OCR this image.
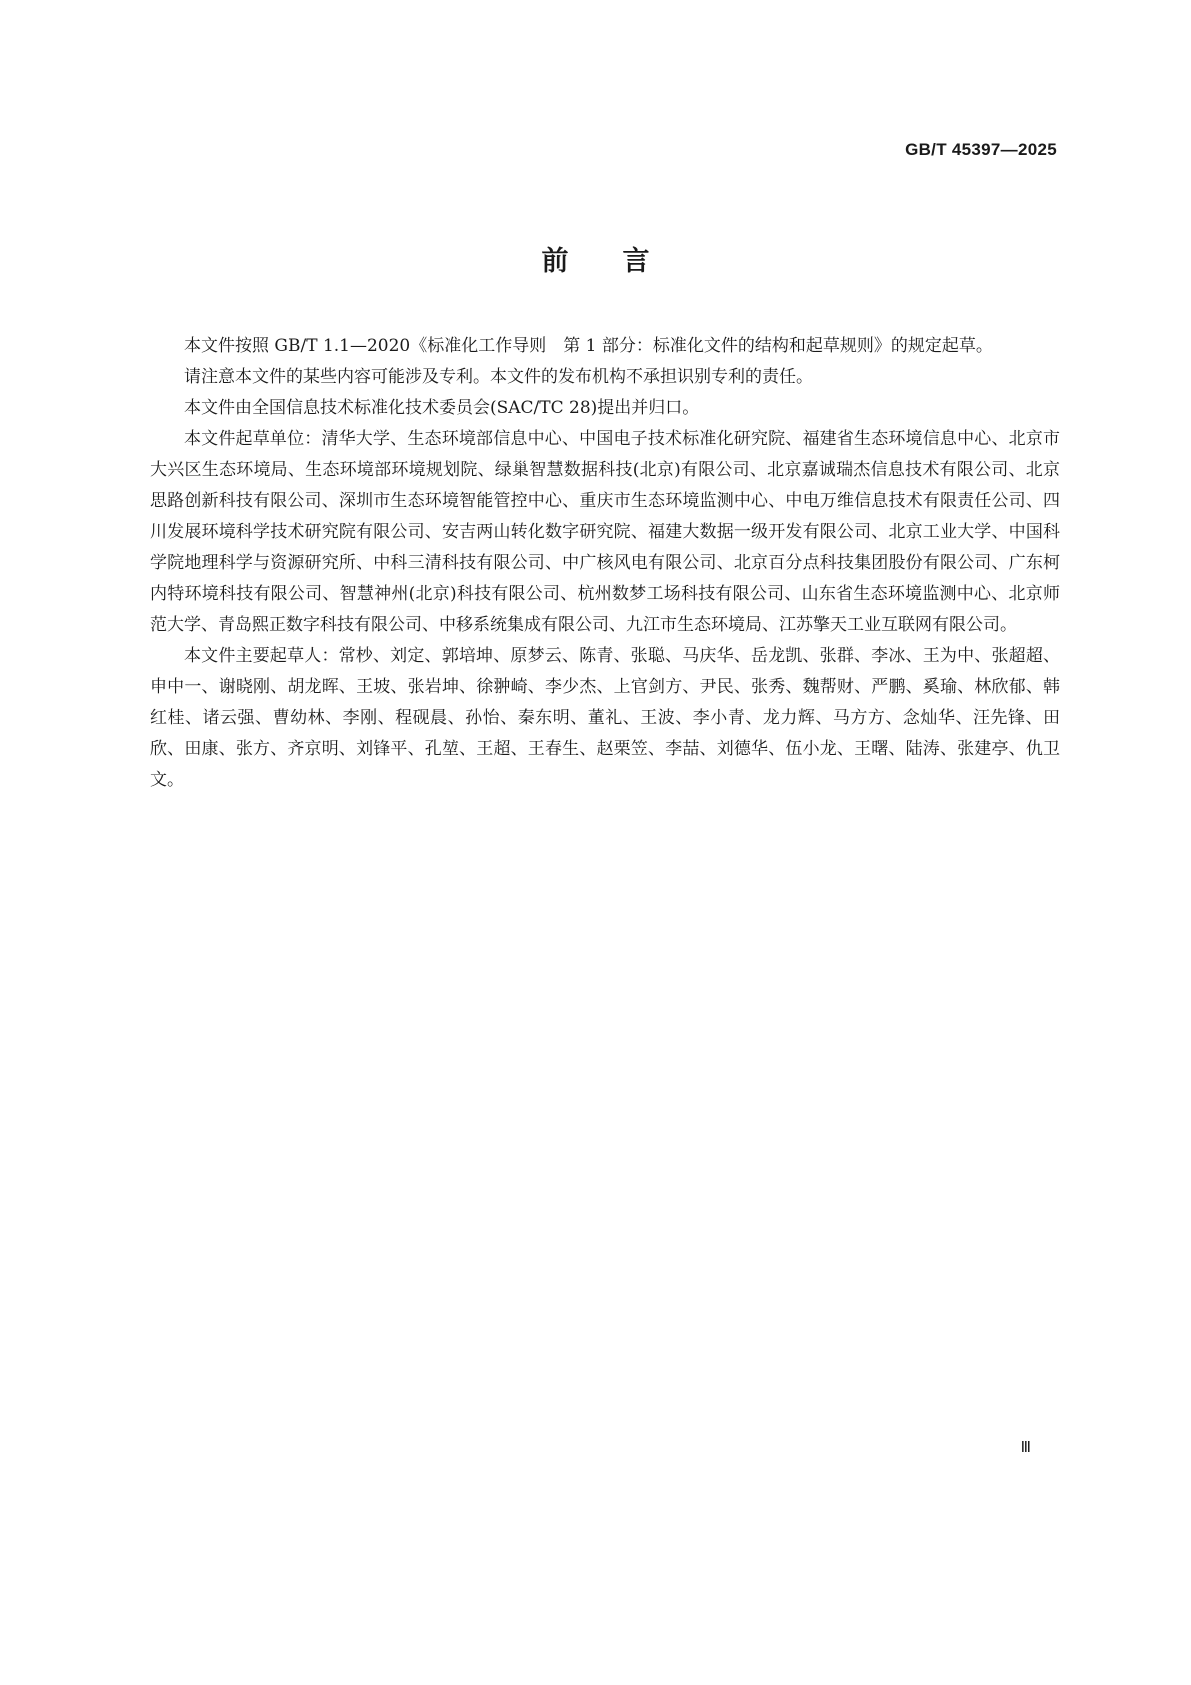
GB/T 45397—2025
前 言

本文件按照 GB/T 1.1—2020《标准化工作导则　第 1 部分：标准化文件的结构和起草规则》的规定起草。

请注意本文件的某些内容可能涉及专利。本文件的发布机构不承担识别专利的责任。

本文件由全国信息技术标准化技术委员会(SAC/TC 28)提出并归口。

本文件起草单位：清华大学、生态环境部信息中心、中国电子技术标准化研究院、福建省生态环境信息中心、北京市大兴区生态环境局、生态环境部环境规划院、绿巢智慧数据科技(北京)有限公司、北京嘉诚瑞杰信息技术有限公司、北京思路创新科技有限公司、深圳市生态环境智能管控中心、重庆市生态环境监测中心、中电万维信息技术有限责任公司、四川发展环境科学技术研究院有限公司、安吉两山转化数字研究院、福建大数据一级开发有限公司、北京工业大学、中国科学院地理科学与资源研究所、中科三清科技有限公司、中广核风电有限公司、北京百分点科技集团股份有限公司、广东柯内特环境科技有限公司、智慧神州(北京)科技有限公司、杭州数梦工场科技有限公司、山东省生态环境监测中心、北京师范大学、青岛熙正数字科技有限公司、中移系统集成有限公司、九江市生态环境局、江苏擎天工业互联网有限公司。

本文件主要起草人：常杪、刘定、郭培坤、原梦云、陈青、张聪、马庆华、岳龙凯、张群、李冰、王为中、张超超、申中一、谢晓刚、胡龙晖、王坡、张岩坤、徐翀崎、李少杰、上官剑方、尹民、张秀、魏帮财、严鹏、奚瑜、林欣郁、韩红桂、诸云强、曹幼林、李刚、程砚晨、孙怡、秦东明、董礼、王波、李小青、龙力辉、马方方、念灿华、汪先锋、田欣、田康、张方、齐京明、刘锋平、孔堃、王超、王春生、赵栗笠、李喆、刘德华、伍小龙、王曙、陆涛、张建亭、仇卫文。

Ⅲ
